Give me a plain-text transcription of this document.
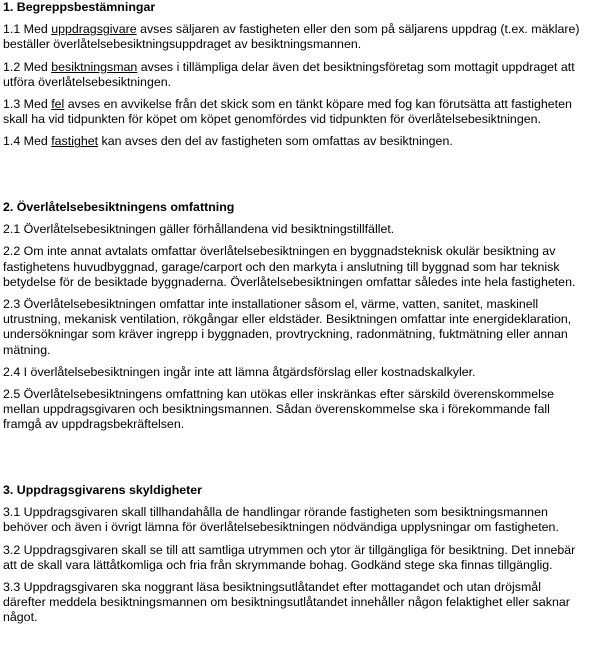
1. Begreppsbestämningar

1.1 Med uppdragsgivare avses säljaren av fastigheten eller den som på säljarens uppdrag (t.ex. mäklare) beställer överlåtelsebesiktningsuppdraget av besiktningsmannen.

1.2 Med besiktningsman avses i tillämpliga delar även det besiktningsföretag som mottagit uppdraget att utföra överlåtelsebesiktningen.

1.3 Med fel avses en avvikelse från det skick som en tänkt köpare med fog kan förutsätta att fastigheten skall ha vid tidpunkten för köpet om köpet genomfördes vid tidpunkten för överlåtelsebesiktningen.

1.4 Med fastighet kan avses den del av fastigheten som omfattas av besiktningen.

2. Överlåtelsebesiktningens omfattning

2.1 Överlåtelsebesiktningen gäller förhållandena vid besiktningstillfället.

2.2 Om inte annat avtalats omfattar överlåtelsebesiktningen en byggnadsteknisk okulär besiktning av fastighetens huvudbyggnad, garage/carport och den markyta i anslutning till byggnad som har teknisk betydelse för de besiktade byggnaderna. Överlåtelsebesiktningen omfattar således inte hela fastigheten.

2.3 Överlåtelsebesiktningen omfattar inte installationer såsom el, värme, vatten, sanitet, maskinell utrustning, mekanisk ventilation, rökgångar eller eldstäder. Besiktningen omfattar inte energideklaration, undersökningar som kräver ingrepp i byggnaden, provtryckning, radonmätning, fuktmätning eller annan mätning.

2.4 I överlåtelsebesiktningen ingår inte att lämna åtgärdsförslag eller kostnadskalkyler.

2.5 Överlåtelsebesiktningens omfattning kan utökas eller inskränkas efter särskild överenskommelse mellan uppdragsgivaren och besiktningsmannen. Sådan överenskommelse ska i förekommande fall framgå av uppdragsbekräftelsen.

3. Uppdragsgivarens skyldigheter

3.1 Uppdragsgivaren skall tillhandahålla de handlingar rörande fastigheten som besiktningsmannen behöver och även i övrigt lämna för överlåtelsebesiktningen nödvändiga upplysningar om fastigheten.

3.2 Uppdragsgivaren skall se till att samtliga utrymmen och ytor är tillgängliga för besiktning. Det innebär att de skall vara lättåtkomliga och fria från skrymmande bohag. Godkänd stege ska finnas tillgänglig.

3.3 Uppdragsgivaren ska noggrant läsa besiktningsutlåtandet efter mottagandet och utan dröjsmål därefter meddela besiktningsmannen om besiktningsutlåtandet innehåller någon felaktighet eller saknar något.
